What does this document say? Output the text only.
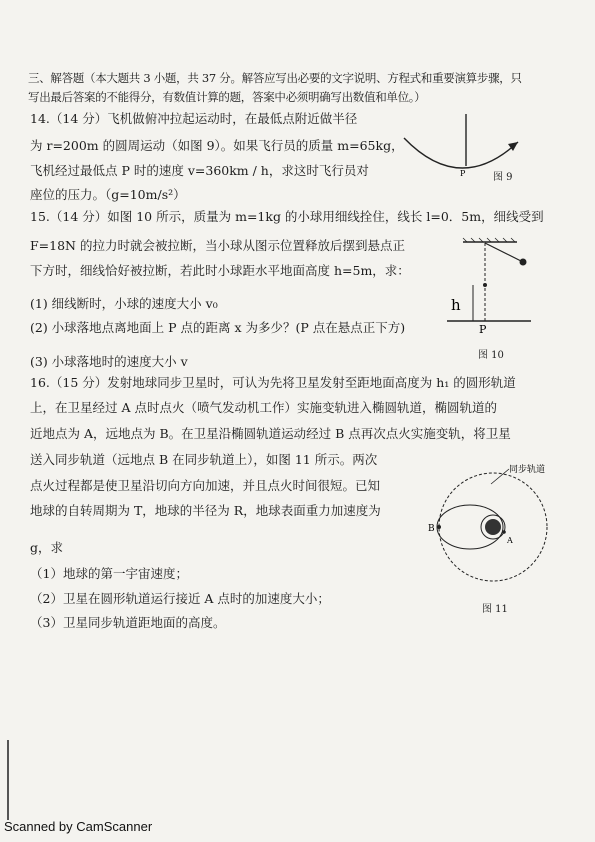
三、解答题（本大题共 3 小题，共 37 分。解答应写出必要的文字说明、方程式和重要演算步骤，只
写出最后答案的不能得分，有数值计算的题，答案中必须明确写出数值和单位。）
14.（14 分）飞机做俯冲拉起运动时，在最低点附近做半径
为 r=200m 的圆周运动（如图 9）。如果飞行员的质量 m=65kg，
飞机经过最低点 P 时的速度 v=360km / h，求这时飞行员对
座位的压力。（g=10m/s²）
P	图 9
15.（14 分）如图 10 所示，质量为 m=1kg 的小球用细线拴住，线长 l=0．5m，细线受到
F=18N 的拉力时就会被拉断，当小球从图示位置释放后摆到悬点正
下方时，细线恰好被拉断，若此时小球距水平地面高度 h=5m，求：
(1) 细线断时，小球的速度大小 v₀
(2) 小球落地点离地面上 P 点的距离 x 为多少？(P 点在悬点正下方)
(3) 小球落地时的速度大小 v
h
P
图 10
16.（15 分）发射地球同步卫星时，可认为先将卫星发射至距地面高度为 h₁ 的圆形轨道
上，在卫星经过 A 点时点火（喷气发动机工作）实施变轨进入椭圆轨道，椭圆轨道的
近地点为 A，远地点为 B。在卫星沿椭圆轨道运动经过 B 点再次点火实施变轨，将卫星
送入同步轨道（远地点 B 在同步轨道上），如图 11 所示。两次
点火过程都是使卫星沿切向方向加速，并且点火时间很短。已知
地球的自转周期为 T，地球的半径为 R，地球表面重力加速度为
g，求
（1）地球的第一宇宙速度；
（2）卫星在圆形轨道运行接近 A 点时的加速度大小；
（3）卫星同步轨道距地面的高度。
同步轨道
B
A
图 11
Scanned by CamScanner
